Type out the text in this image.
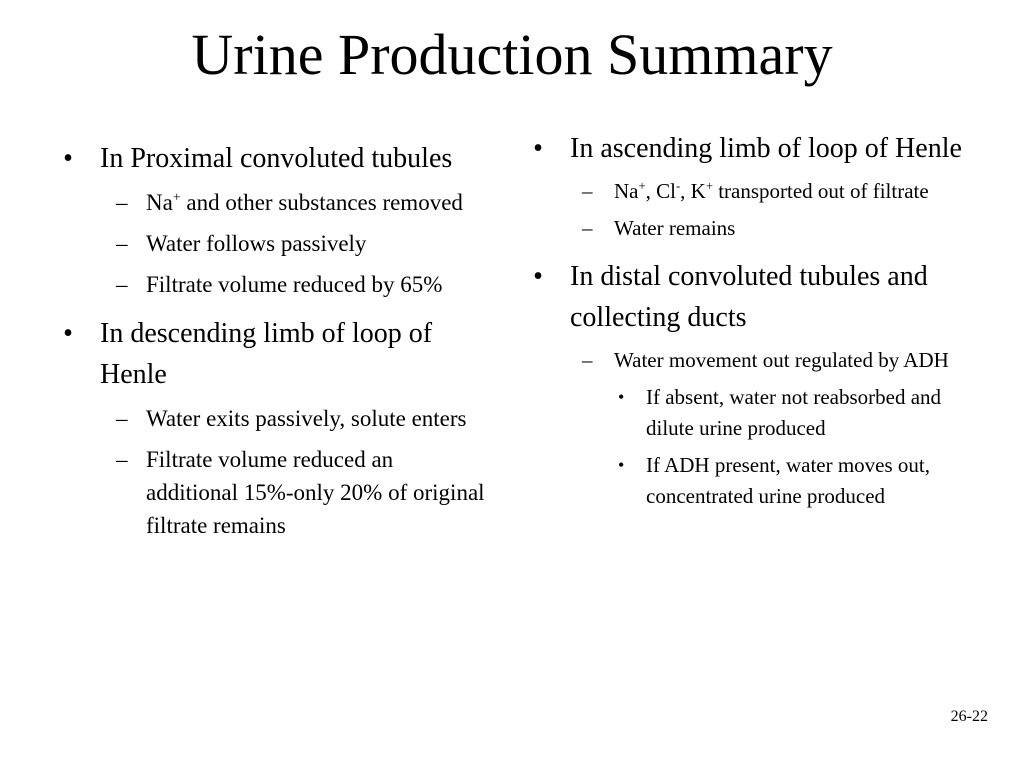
Urine Production Summary
• In Proximal convoluted tubules
– Na+ and other substances removed
– Water follows passively
– Filtrate volume reduced by 65%
• In descending limb of loop of Henle
– Water exits passively, solute enters
– Filtrate volume reduced an additional 15%-only 20% of original filtrate remains
• In ascending limb of loop of Henle
– Na+, Cl-, K+ transported out of filtrate
– Water remains
• In distal convoluted tubules and collecting ducts
– Water movement out regulated by ADH
• If absent, water not reabsorbed and dilute urine produced
• If ADH present, water moves out, concentrated urine produced
26-22
